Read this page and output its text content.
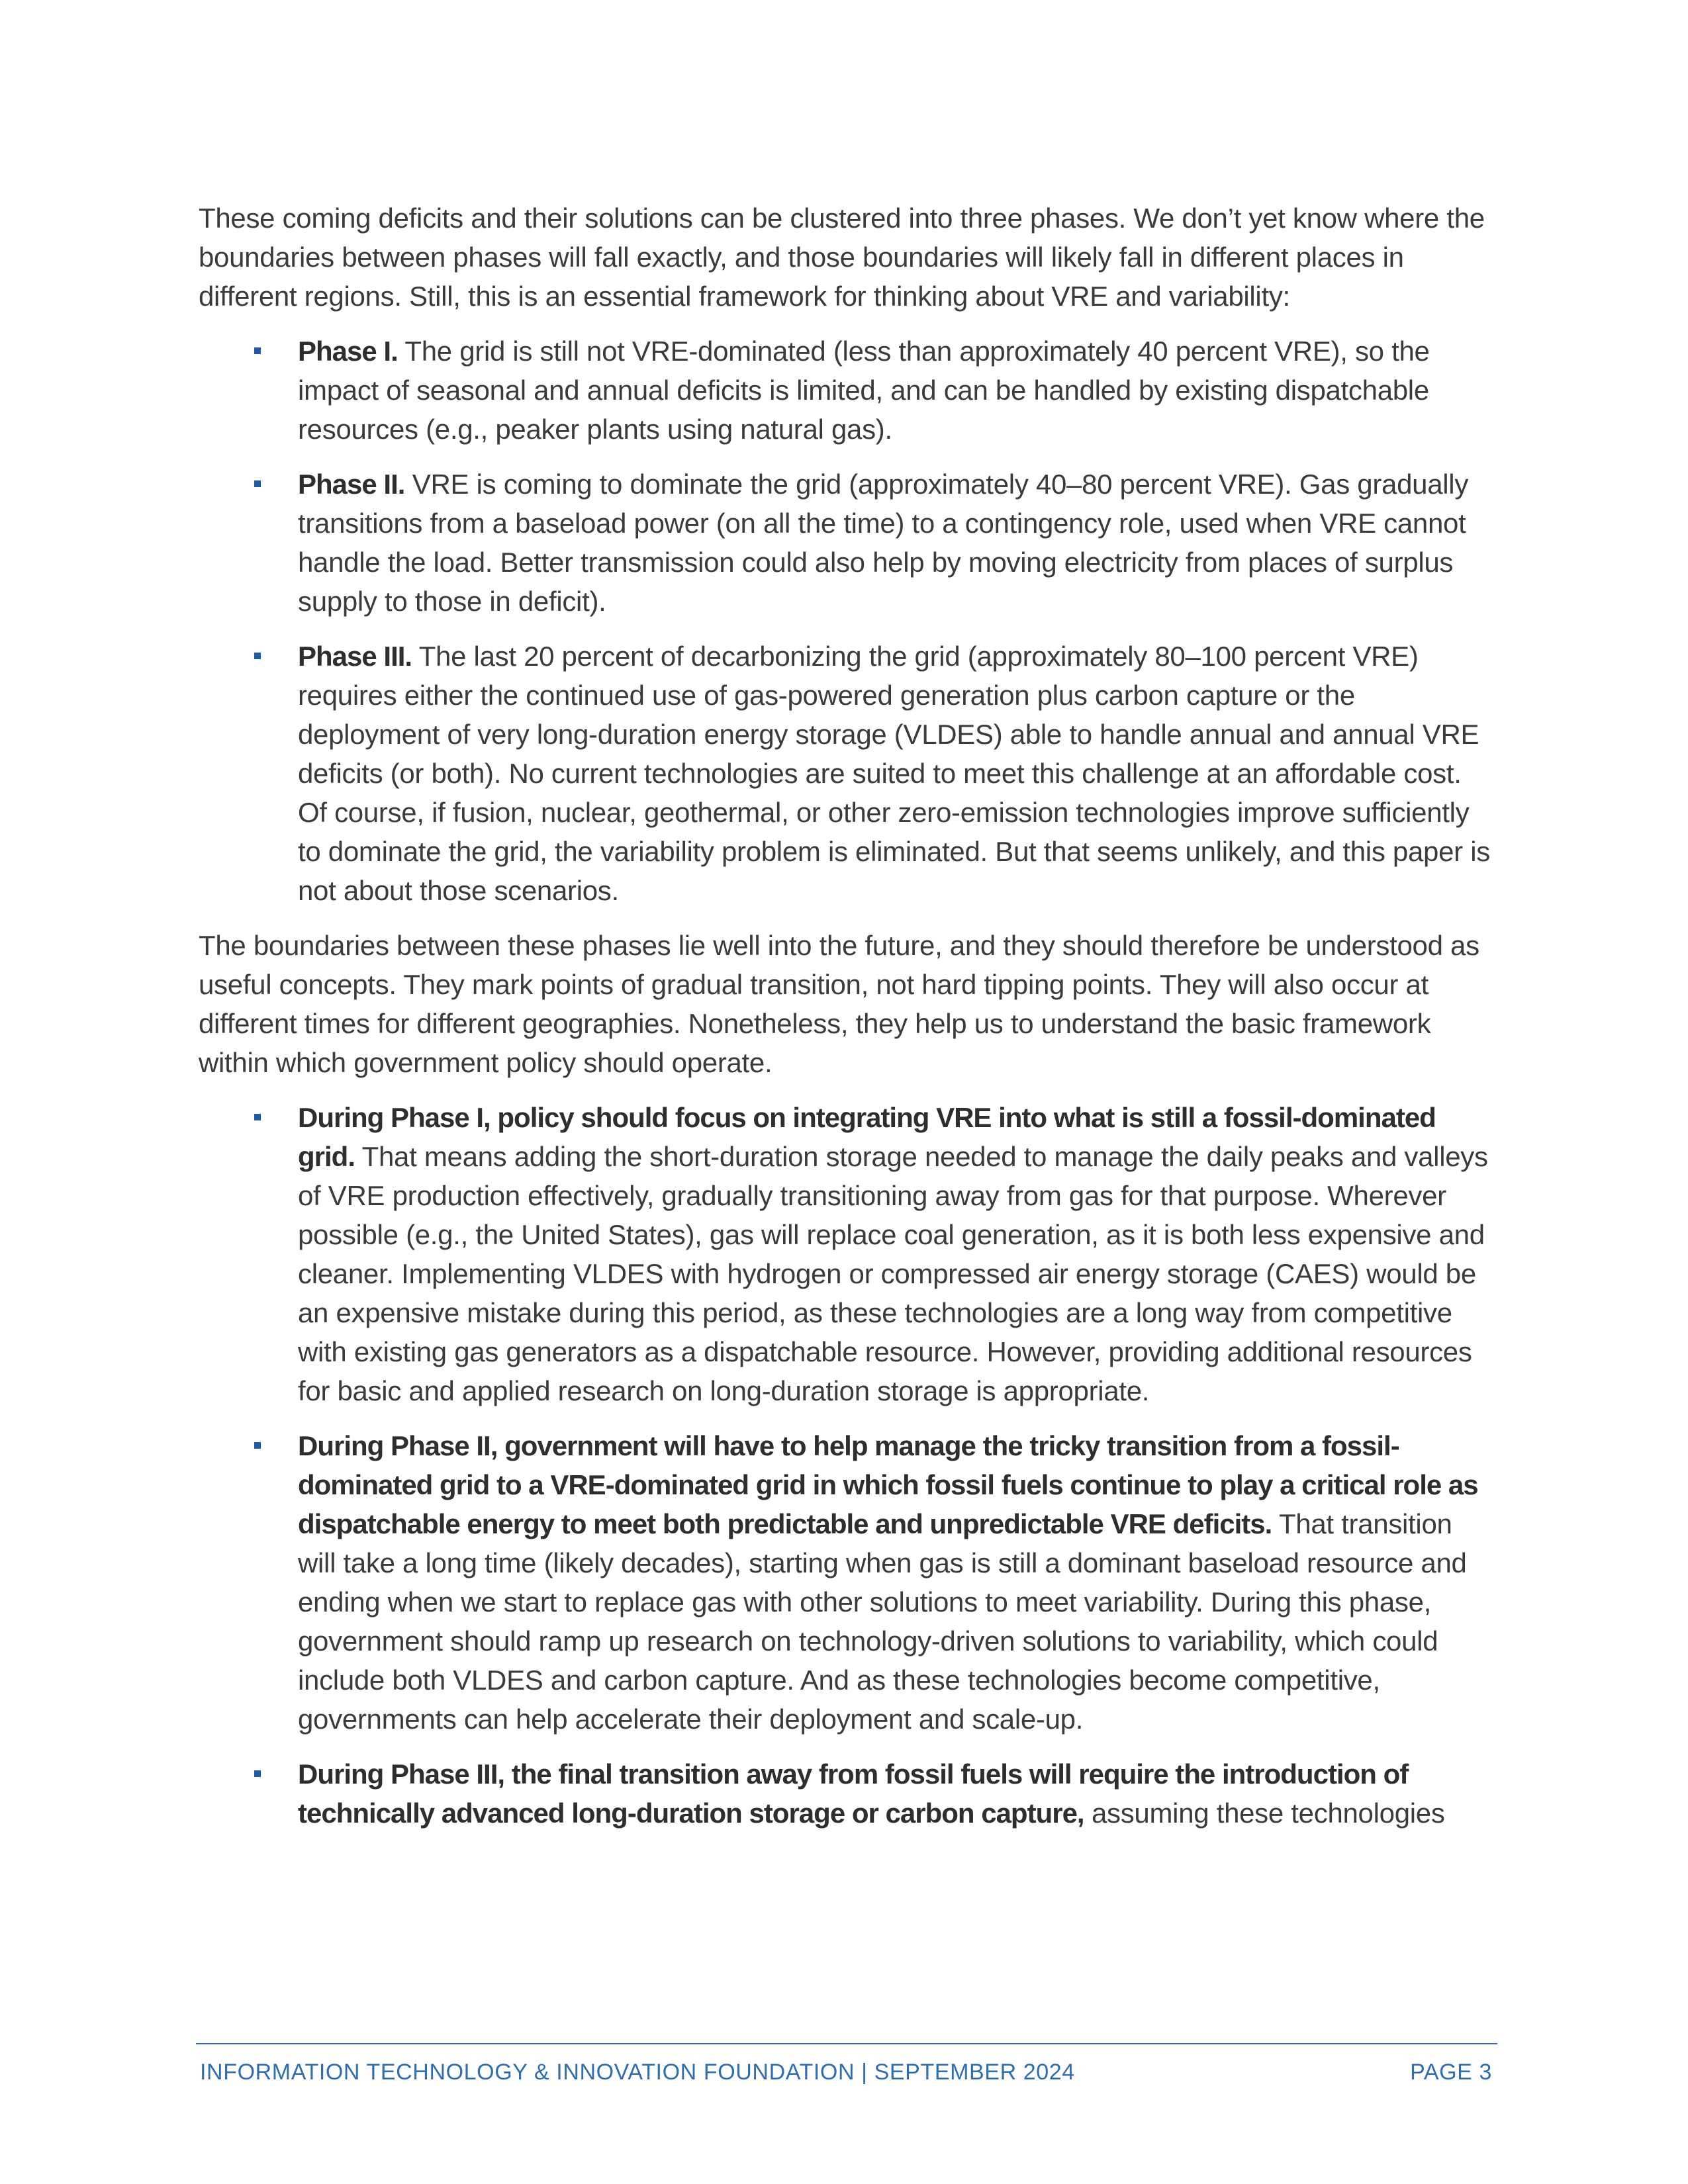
These coming deficits and their solutions can be clustered into three phases. We don’t yet know where the boundaries between phases will fall exactly, and those boundaries will likely fall in different places in different regions. Still, this is an essential framework for thinking about VRE and variability:

Phase I. The grid is still not VRE-dominated (less than approximately 40 percent VRE), so the impact of seasonal and annual deficits is limited, and can be handled by existing dispatchable resources (e.g., peaker plants using natural gas).
Phase II. VRE is coming to dominate the grid (approximately 40–80 percent VRE). Gas gradually transitions from a baseload power (on all the time) to a contingency role, used when VRE cannot handle the load. Better transmission could also help by moving electricity from places of surplus supply to those in deficit).
Phase III. The last 20 percent of decarbonizing the grid (approximately 80–100 percent VRE) requires either the continued use of gas-powered generation plus carbon capture or the deployment of very long-duration energy storage (VLDES) able to handle annual and annual VRE deficits (or both). No current technologies are suited to meet this challenge at an affordable cost. Of course, if fusion, nuclear, geothermal, or other zero-emission technologies improve sufficiently to dominate the grid, the variability problem is eliminated. But that seems unlikely, and this paper is not about those scenarios.

The boundaries between these phases lie well into the future, and they should therefore be understood as useful concepts. They mark points of gradual transition, not hard tipping points. They will also occur at different times for different geographies. Nonetheless, they help us to understand the basic framework within which government policy should operate.

During Phase I, policy should focus on integrating VRE into what is still a fossil-dominated grid. That means adding the short-duration storage needed to manage the daily peaks and valleys of VRE production effectively, gradually transitioning away from gas for that purpose. Wherever possible (e.g., the United States), gas will replace coal generation, as it is both less expensive and cleaner. Implementing VLDES with hydrogen or compressed air energy storage (CAES) would be an expensive mistake during this period, as these technologies are a long way from competitive with existing gas generators as a dispatchable resource. However, providing additional resources for basic and applied research on long-duration storage is appropriate.
During Phase II, government will have to help manage the tricky transition from a fossil-dominated grid to a VRE-dominated grid in which fossil fuels continue to play a critical role as dispatchable energy to meet both predictable and unpredictable VRE deficits. That transition will take a long time (likely decades), starting when gas is still a dominant baseload resource and ending when we start to replace gas with other solutions to meet variability. During this phase, government should ramp up research on technology-driven solutions to variability, which could include both VLDES and carbon capture. And as these technologies become competitive, governments can help accelerate their deployment and scale-up.
During Phase III, the final transition away from fossil fuels will require the introduction of technically advanced long-duration storage or carbon capture, assuming these technologies
INFORMATION TECHNOLOGY & INNOVATION FOUNDATION | SEPTEMBER 2024	PAGE 3
